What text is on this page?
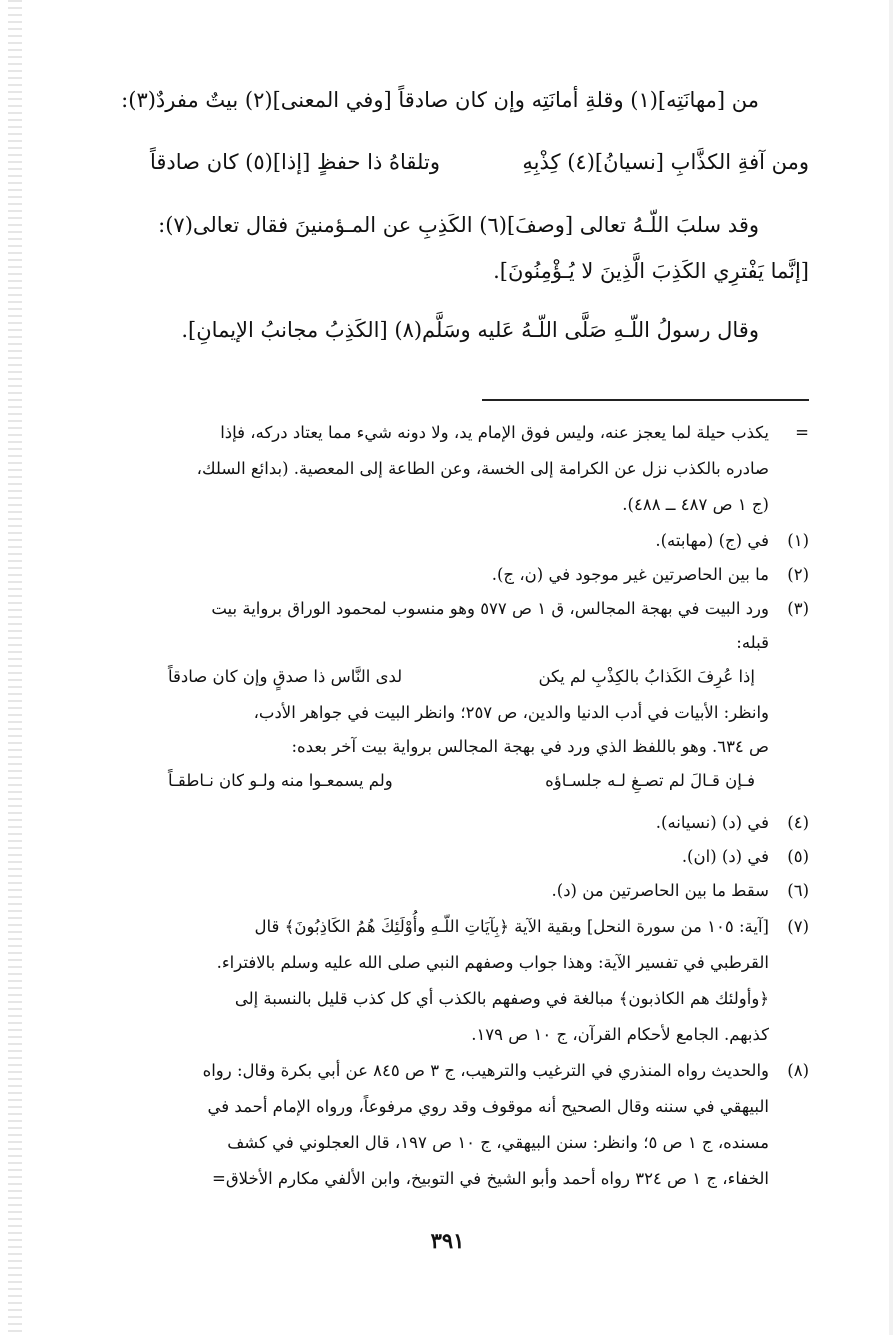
من [مهانَتِه](١) وقلةِ أمانَتِه وإن كان صادقاً [وفي المعنى](٢) بيتٌ مفردٌ(٣):
ومن آفةِ الكذَّابِ [نسيانُ](٤) كِذْبِهِ
وتلقاهُ ذا حفظٍ [إذا](٥) كان صادقاً
وقد سلبَ اللّـهُ تعالى [وصفَ](٦) الكَذِبِ عن المـؤمنينَ فقال تعالى(٧):
[إنَّما يَفْترِي الكَذِبَ الَّذِينَ لا يُـؤْمِنُونَ].
وقال رسولُ اللّـهِ صَلَّى اللّـهُ عَليه وسَلَّم(٨) [الكَذِبُ مجانبُ الإيمانِ].
=
يكذب حيلة لما يعجز عنه، وليس فوق الإمام يد، ولا دونه شيء مما يعتاد دركه، فإذا
صادره بالكذب نزل عن الكرامة إلى الخسة، وعن الطاعة إلى المعصية. (بدائع السلك،
(ج ١ ص ٤٨٧ ــ ٤٨٨).
(١)
في (ج) (مهابته).
(٢)
ما بين الحاصرتين غير موجود في (ن، ج).
(٣)
ورد البيت في بهجة المجالس، ق ١ ص ٥٧٧ وهو منسوب لمحمود الوراق برواية بيت
قبله:
إذا عُرِفَ الكَذابُ بالكِذْبِ لم يكن
لدى النَّاس ذا صدقٍ وإن كان صادقاً
وانظر: الأبيات في أدب الدنيا والدين، ص ٢٥٧؛ وانظر البيت في جواهر الأدب،
ص ٦٣٤. وهو باللفظ الذي ورد في بهجة المجالس برواية بيت آخر بعده:
فـإن قـالَ لم تصـغِ لـه جلسـاؤه
ولم يسمعـوا منه ولـو كان نـاطقـاً
(٤)
في (د) (نسيانه).
(٥)
في (د) (ان).
(٦)
سقط ما بين الحاصرتين من (د).
(٧)
[آية: ١٠٥ من سورة النحل] وبقية الآية ﴿بِآيَاتِ اللّـهِ وأُوْلَئِكَ هُمُ الكَاذِبُونَ﴾ قال
القرطبي في تفسير الآية: وهذا جواب وصفهم النبي صلى الله عليه وسلم بالافتراء.
﴿وأولئك هم الكاذبون﴾ مبالغة في وصفهم بالكذب أي كل كذب قليل بالنسبة إلى
كذبهم. الجامع لأحكام القرآن، ج ١٠ ص ١٧٩.
(٨)
والحديث رواه المنذري في الترغيب والترهيب، ج ٣ ص ٨٤٥ عن أبي بكرة وقال: رواه
البيهقي في سننه وقال الصحيح أنه موقوف وقد روي مرفوعاً، ورواه الإمام أحمد في
مسنده، ج ١ ص ٥؛ وانظر: سنن البيهقي، ج ١٠ ص ١٩٧، قال العجلوني في كشف
الخفاء، ج ١ ص ٣٢٤ رواه أحمد وأبو الشيخ في التوبيخ، وابن الألفي مكارم الأخلاق=
٣٩١
